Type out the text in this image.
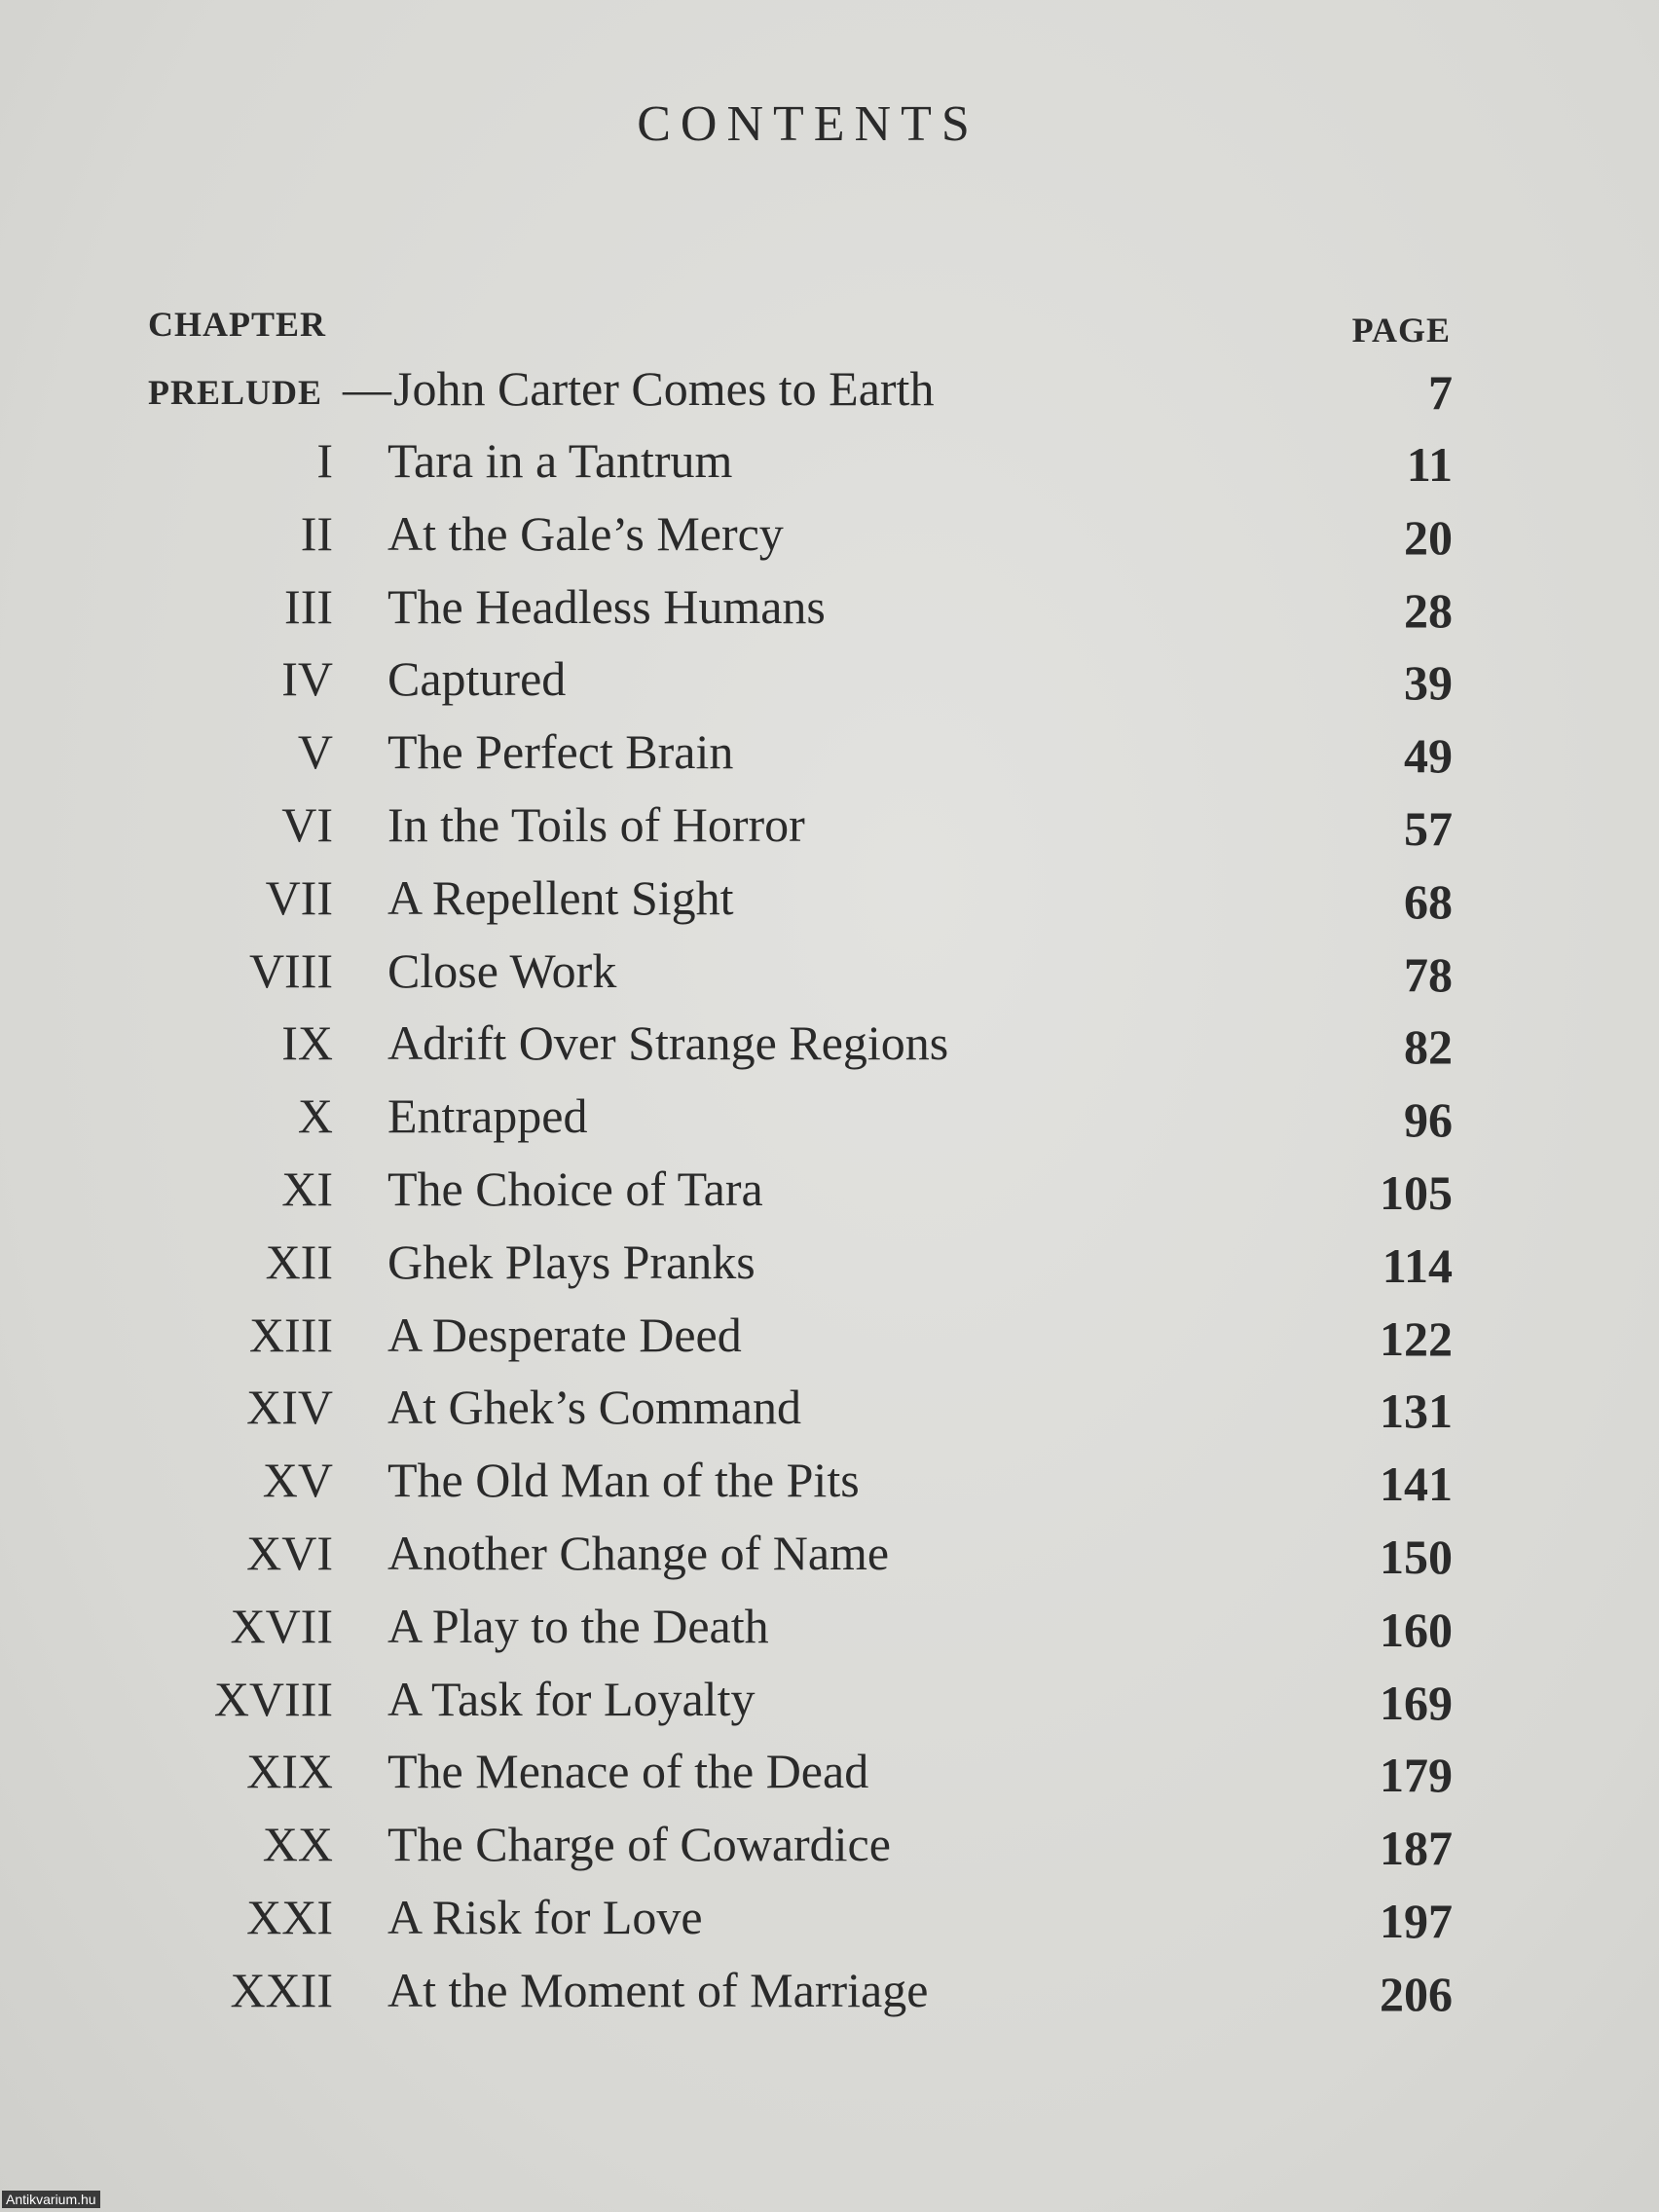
CONTENTS
CHAPTER	PAGE
PRELUDE — John Carter Comes to Earth	7
I Tara in a Tantrum	11
II At the Gale’s Mercy	20
III The Headless Humans	28
IV Captured	39
V The Perfect Brain	49
VI In the Toils of Horror	57
VII A Repellent Sight	68
VIII Close Work	78
IX Adrift Over Strange Regions	82
X Entrapped	96
XI The Choice of Tara	105
XII Ghek Plays Pranks	114
XIII A Desperate Deed	122
XIV At Ghek’s Command	131
XV The Old Man of the Pits	141
XVI Another Change of Name	150
XVII A Play to the Death	160
XVIII A Task for Loyalty	169
XIX The Menace of the Dead	179
XX The Charge of Cowardice	187
XXI A Risk for Love	197
XXII At the Moment of Marriage	206
Antikvarium.hu
